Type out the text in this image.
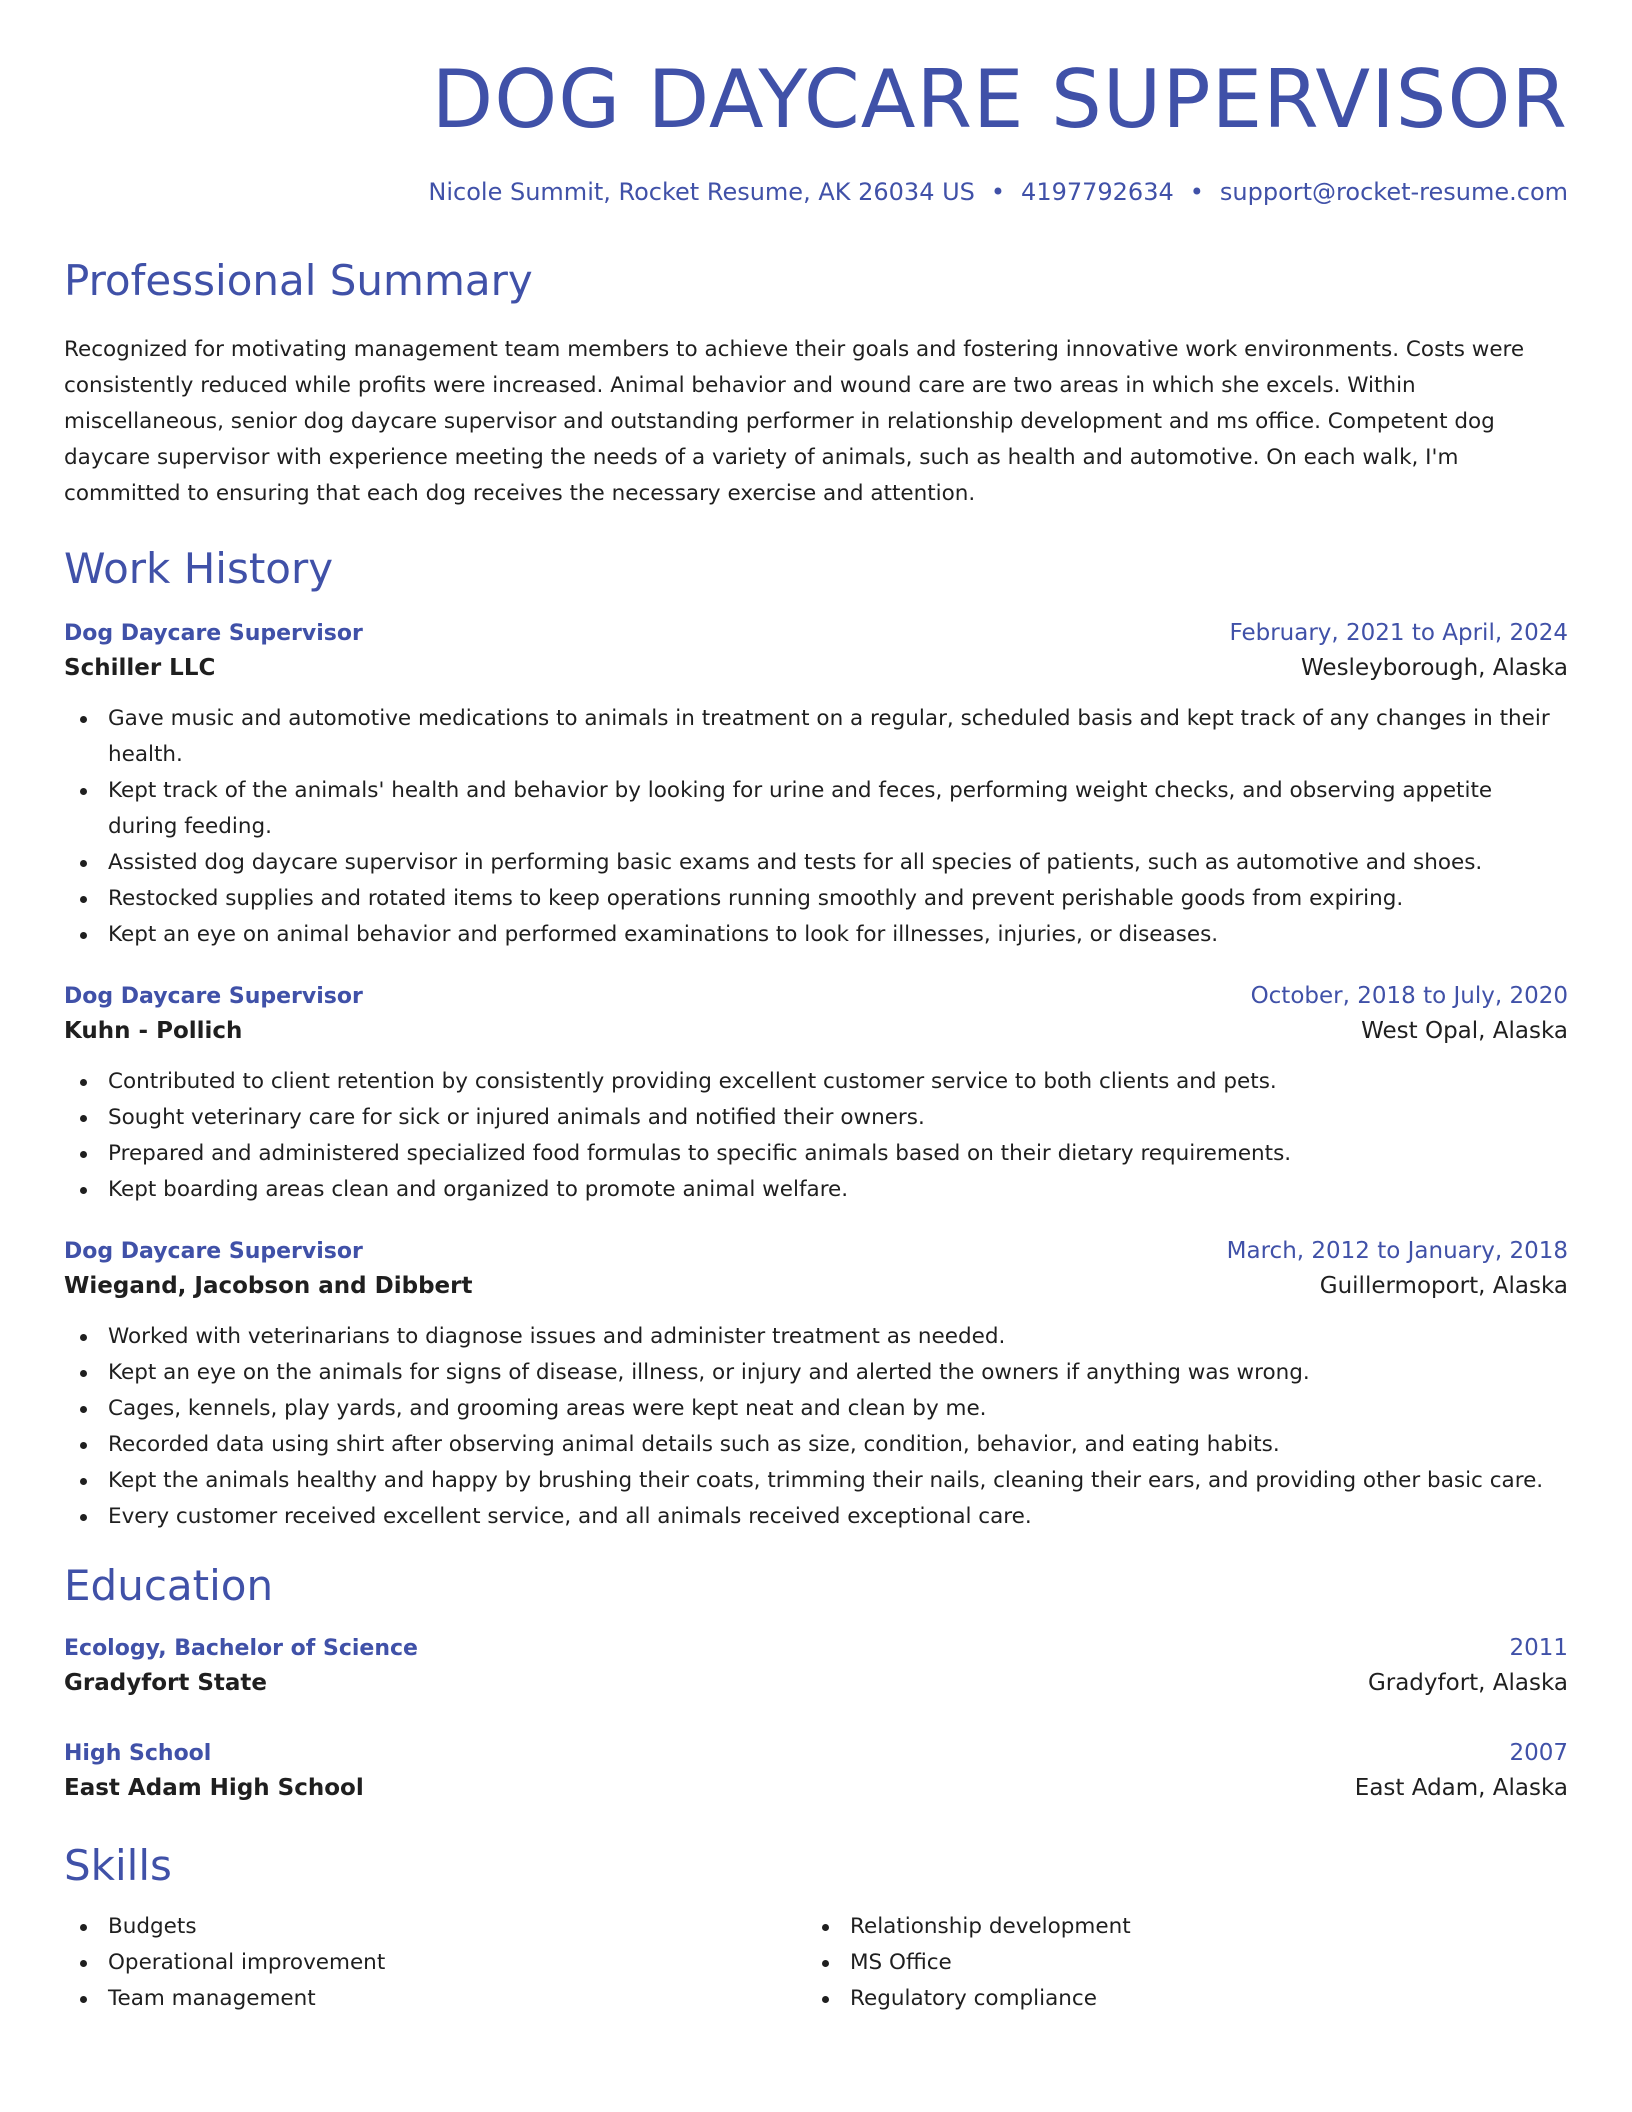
DOG DAYCARE SUPERVISOR
Nicole Summit, Rocket Resume, AK 26034 US • 4197792634 • support@rocket-resume.com
Professional Summary

Recognized for motivating management team members to achieve their goals and fostering innovative work environments. Costs were consistently reduced while profits were increased. Animal behavior and wound care are two areas in which she excels. Within miscellaneous, senior dog daycare supervisor and outstanding performer in relationship development and ms office. Competent dog daycare supervisor with experience meeting the needs of a variety of animals, such as health and automotive. On each walk, I'm committed to ensuring that each dog receives the necessary exercise and attention.

Work History
Dog Daycare Supervisor	February, 2021 to April, 2024
Schiller LLC	Wesleyborough, Alaska
Gave music and automotive medications to animals in treatment on a regular, scheduled basis and kept track of any changes in their health.
Kept track of the animals' health and behavior by looking for urine and feces, performing weight checks, and observing appetite during feeding.
Assisted dog daycare supervisor in performing basic exams and tests for all species of patients, such as automotive and shoes.
Restocked supplies and rotated items to keep operations running smoothly and prevent perishable goods from expiring.
Kept an eye on animal behavior and performed examinations to look for illnesses, injuries, or diseases.
Dog Daycare Supervisor	October, 2018 to July, 2020
Kuhn - Pollich	West Opal, Alaska
Contributed to client retention by consistently providing excellent customer service to both clients and pets.
Sought veterinary care for sick or injured animals and notified their owners.
Prepared and administered specialized food formulas to specific animals based on their dietary requirements.
Kept boarding areas clean and organized to promote animal welfare.
Dog Daycare Supervisor	March, 2012 to January, 2018
Wiegand, Jacobson and Dibbert	Guillermoport, Alaska
Worked with veterinarians to diagnose issues and administer treatment as needed.
Kept an eye on the animals for signs of disease, illness, or injury and alerted the owners if anything was wrong.
Cages, kennels, play yards, and grooming areas were kept neat and clean by me.
Recorded data using shirt after observing animal details such as size, condition, behavior, and eating habits.
Kept the animals healthy and happy by brushing their coats, trimming their nails, cleaning their ears, and providing other basic care.
Every customer received excellent service, and all animals received exceptional care.
Education
Ecology, Bachelor of Science	2011
Gradyfort State	Gradyfort, Alaska
High School	2007
East Adam High School	East Adam, Alaska
Skills
Budgets
Operational improvement
Team management
Relationship development
MS Office
Regulatory compliance
